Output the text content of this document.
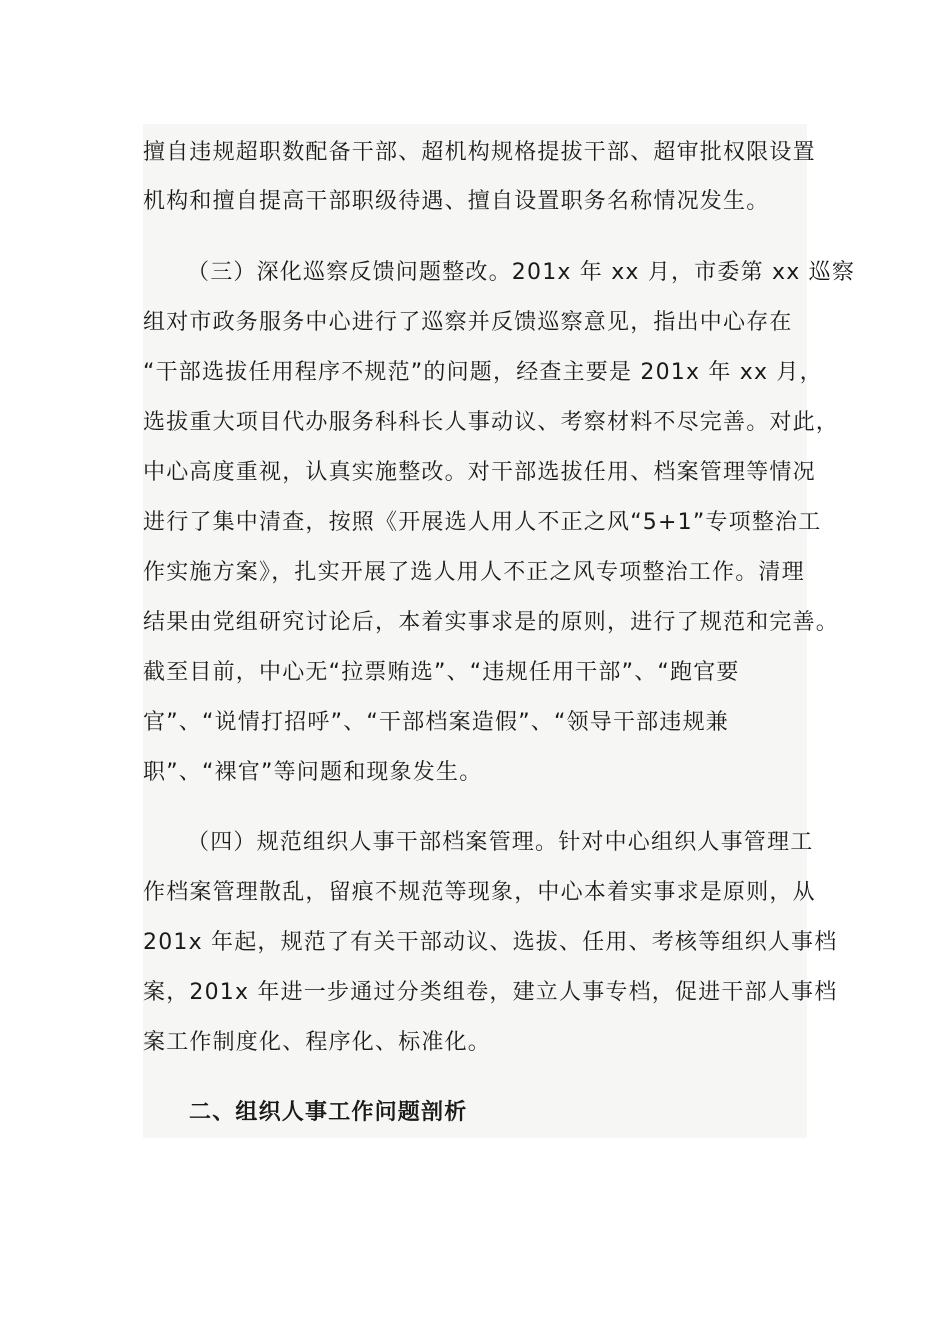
擅自违规超职数配备干部、超机构规格提拔干部、超审批权限设置
机构和擅自提高干部职级待遇、擅自设置职务名称情况发生。
（三）深化巡察反馈问题整改。201x 年 xx 月，市委第 xx 巡察
组对市政务服务中心进行了巡察并反馈巡察意见，指出中心存在
“干部选拔任用程序不规范”的问题，经查主要是 201x 年 xx 月，
选拔重大项目代办服务科科长人事动议、考察材料不尽完善。对此，
中心高度重视，认真实施整改。对干部选拔任用、档案管理等情况
进行了集中清查，按照《开展选人用人不正之风“5+1”专项整治工
作实施方案》，扎实开展了选人用人不正之风专项整治工作。清理
结果由党组研究讨论后，本着实事求是的原则，进行了规范和完善。
截至目前，中心无“拉票贿选”、“违规任用干部”、“跑官要
官”、“说情打招呼”、“干部档案造假”、“领导干部违规兼
职”、“裸官”等问题和现象发生。
（四）规范组织人事干部档案管理。针对中心组织人事管理工
作档案管理散乱，留痕不规范等现象，中心本着实事求是原则，从
201x 年起，规范了有关干部动议、选拔、任用、考核等组织人事档
案，201x 年进一步通过分类组卷，建立人事专档，促进干部人事档
案工作制度化、程序化、标准化。
二、组织人事工作问题剖析
